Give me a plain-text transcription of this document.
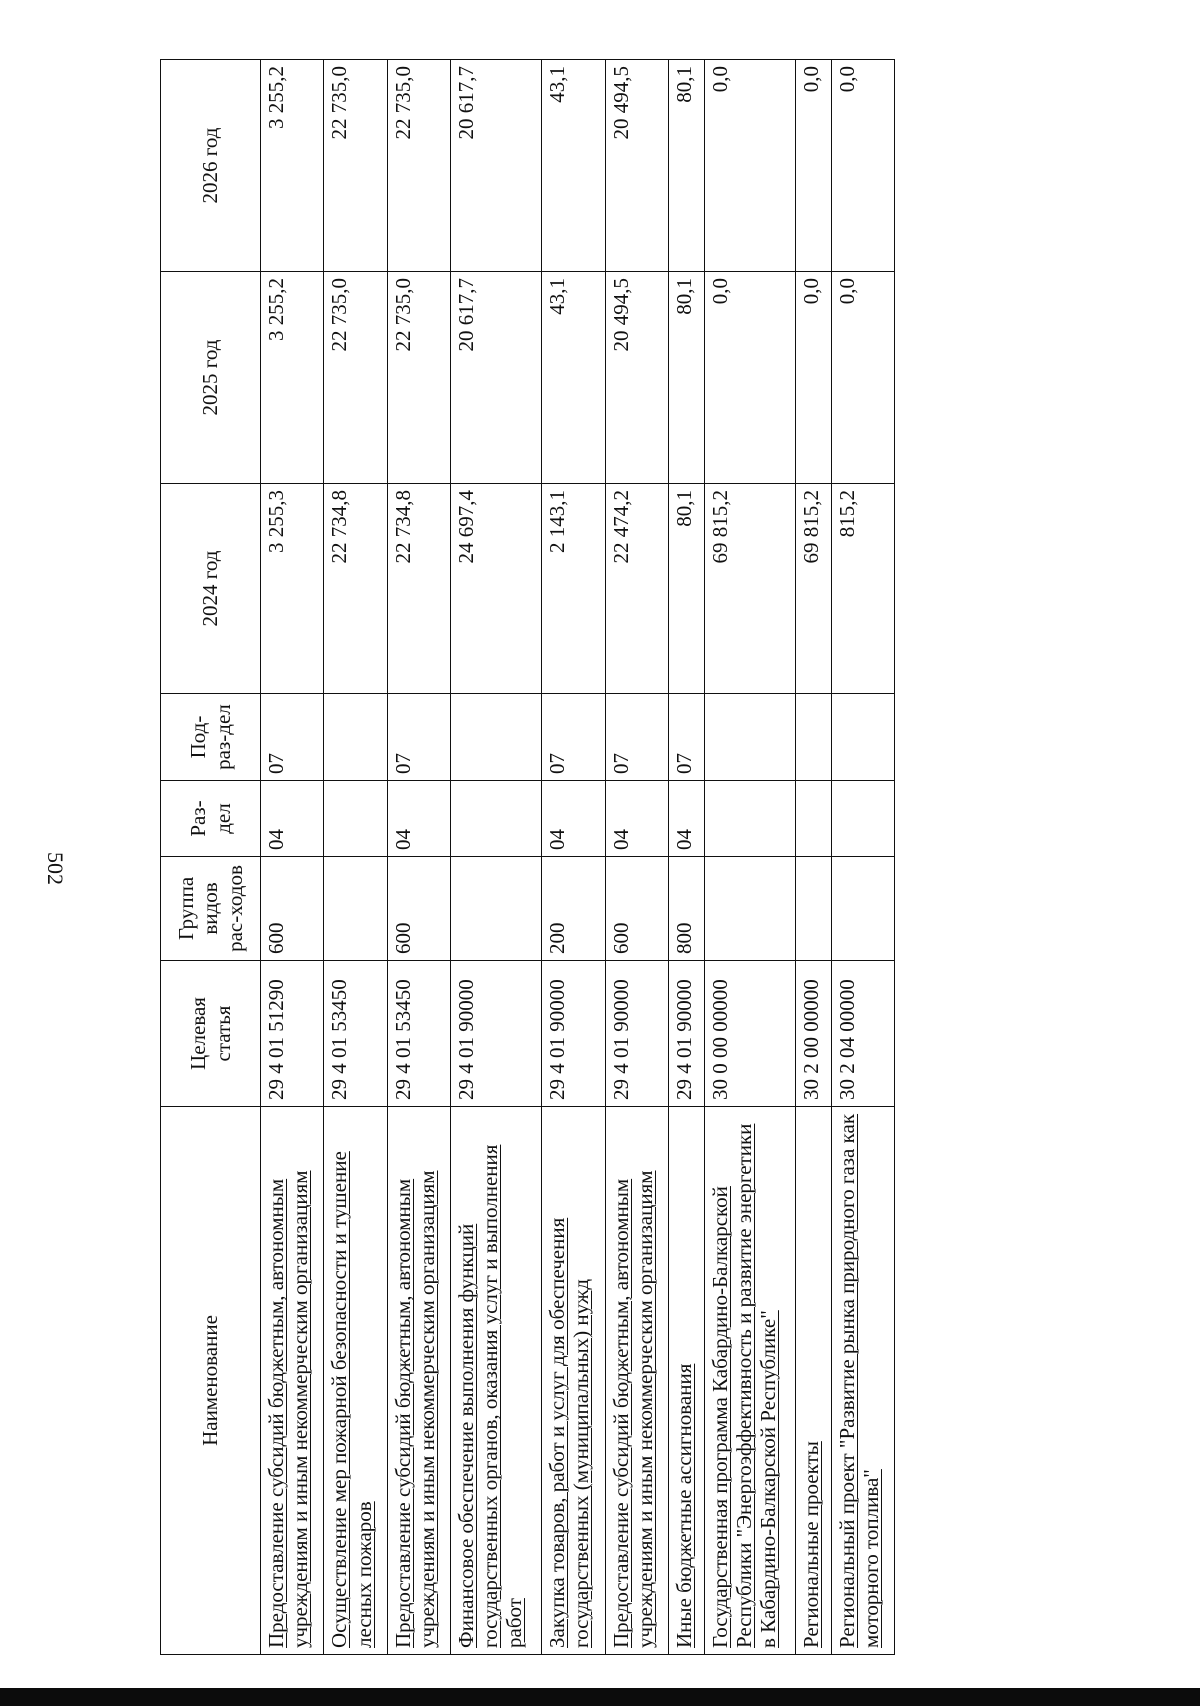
502
Наименование	Целевая статья	Группа видов рас-ходов	Раз-дел	Под-раз-дел	2024 год	2025 год	2026 год
Предоставление субсидий бюджетным, автономным учреждениям и иным некоммерческим организациям	29 4 01 51290	600	04	07	3 255,3	3 255,2	3 255,2
Осуществление мер пожарной безопасности и тушение лесных пожаров	29 4 01 53450				22 734,8	22 735,0	22 735,0
Предоставление субсидий бюджетным, автономным учреждениям и иным некоммерческим организациям	29 4 01 53450	600	04	07	22 734,8	22 735,0	22 735,0
Финансовое обеспечение выполнения функций государственных органов, оказания услуг и выполнения работ	29 4 01 90000				24 697,4	20 617,7	20 617,7
Закупка товаров, работ и услуг для обеспечения государственных (муниципальных) нужд	29 4 01 90000	200	04	07	2 143,1	43,1	43,1
Предоставление субсидий бюджетным, автономным учреждениям и иным некоммерческим организациям	29 4 01 90000	600	04	07	22 474,2	20 494,5	20 494,5
Иные бюджетные ассигнования	29 4 01 90000	800	04	07	80,1	80,1	80,1
Государственная программа Кабардино-Балкарской Республики "Энергоэффективность и развитие энергетики в Кабардино-Балкарской Республике"	30 0 00 00000				69 815,2	0,0	0,0
Региональные проекты	30 2 00 00000				69 815,2	0,0	0,0
Региональный проект "Развитие рынка природного газа как моторного топлива"	30 2 04 00000				815,2	0,0	0,0
